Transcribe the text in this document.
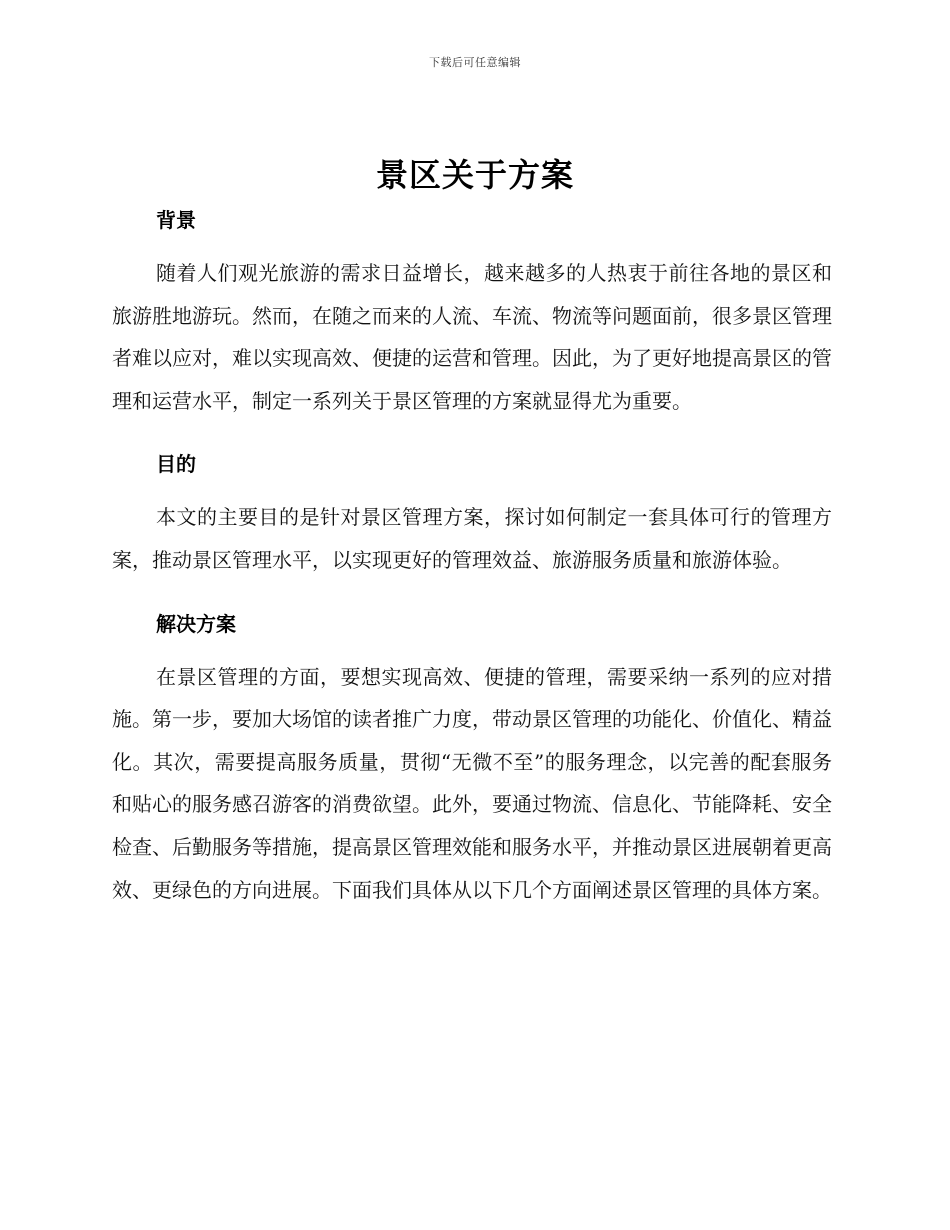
下载后可任意编辑
景区关于方案
背景

随着人们观光旅游的需求日益增长，越来越多的人热衷于前往各地的景区和旅游胜地游玩。然而，在随之而来的人流、车流、物流等问题面前，很多景区管理者难以应对，难以实现高效、便捷的运营和管理。因此，为了更好地提高景区的管理和运营水平，制定一系列关于景区管理的方案就显得尤为重要。

目的

本文的主要目的是针对景区管理方案，探讨如何制定一套具体可行的管理方案，推动景区管理水平，以实现更好的管理效益、旅游服务质量和旅游体验。

解决方案

在景区管理的方面，要想实现高效、便捷的管理，需要采纳一系列的应对措施。第一步，要加大场馆的读者推广力度，带动景区管理的功能化、价值化、精益化。其次，需要提高服务质量，贯彻“无微不至”的服务理念，以完善的配套服务和贴心的服务感召游客的消费欲望。此外，要通过物流、信息化、节能降耗、安全检查、后勤服务等措施，提高景区管理效能和服务水平，并推动景区进展朝着更高效、更绿色的方向进展。下面我们具体从以下几个方面阐述景区管理的具体方案。
